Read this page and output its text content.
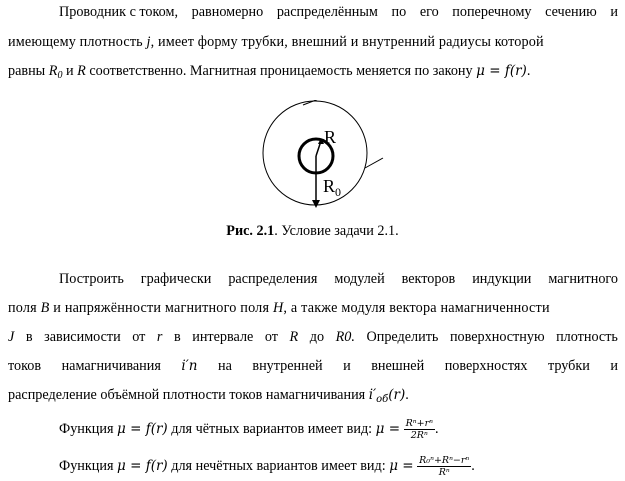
Проводник с током, равномерно распределённым по его поперечному сечению и
имеющему плотность j, имеет форму трубки, внешний и внутренний радиусы которой
равны $R_0$ и R соответственно. Магнитная проницаемость меняется по закону μ = f(r).
R
$R_0$
Рис. 2.1. Условие задачи 2.1.
Построить графически распределения модулей векторов индукции магнитного
поля B и напряжённости магнитного поля H, а также модуля вектора намагниченности
J в зависимости от r в интервале от R до R0. Определить поверхностную плотность
токов намагничивания i′п на внутренней и внешней поверхностях трубки и
распределение объёмной плотности токов намагничивания $i'_{об}(r)$.
Функция μ = f(r) для чётных вариантов имеет вид: $\mu = \frac{\text{Rⁿ+rⁿ}}{\text{2Rⁿ}}$ .
Функция μ = f(r) для нечётных вариантов имеет вид: $\mu = \frac{\text{R₀ⁿ+Rⁿ−rⁿ}}{\text{Rⁿ}}$ .
